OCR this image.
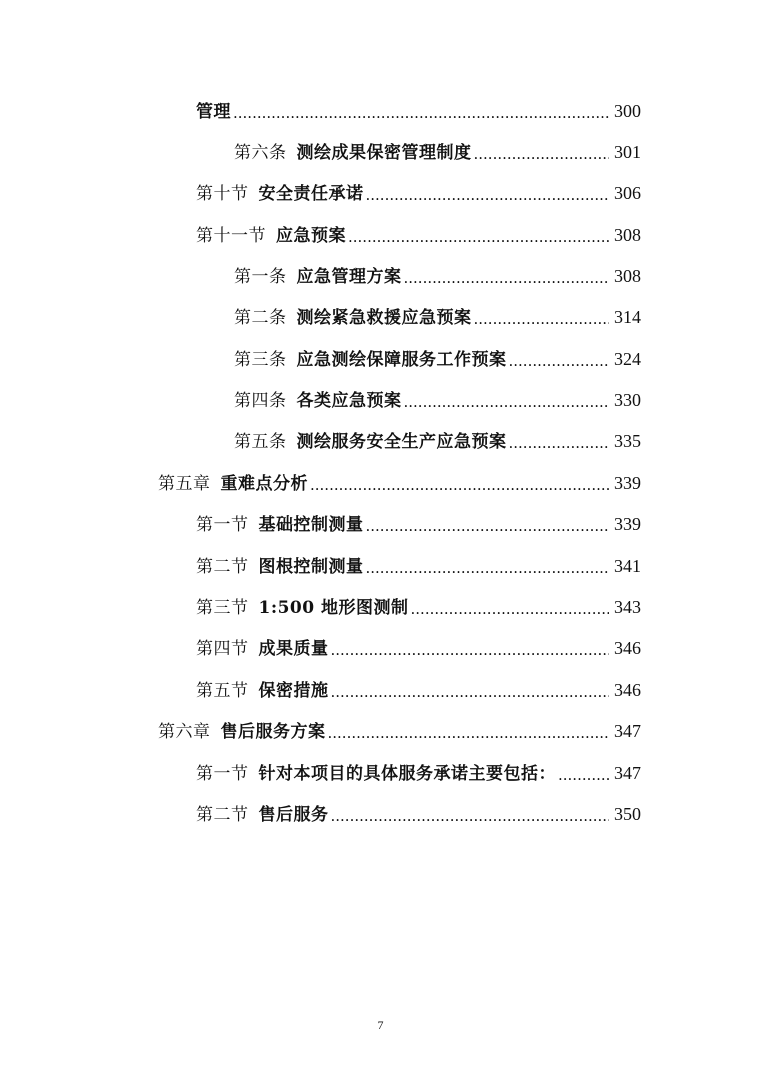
管理 .....	300
第六条 测绘成果保密管理制度 .....	301
第十节 安全责任承诺 .....	306
第十一节 应急预案 .....	308
第一条 应急管理方案 .....	308
第二条 测绘紧急救援应急预案 .....	314
第三条 应急测绘保障服务工作预案 .....	324
第四条 各类应急预案 .....	330
第五条 测绘服务安全生产应急预案 .....	335
第五章 重难点分析 .....	339
第一节 基础控制测量 .....	339
第二节 图根控制测量 .....	341
第三节 1:500 地形图测制 .....	343
第四节 成果质量 .....	346
第五节 保密措施 .....	346
第六章 售后服务方案 .....	347
第一节 针对本项目的具体服务承诺主要包括： .....	347
第二节 售后服务 .....	350
7
